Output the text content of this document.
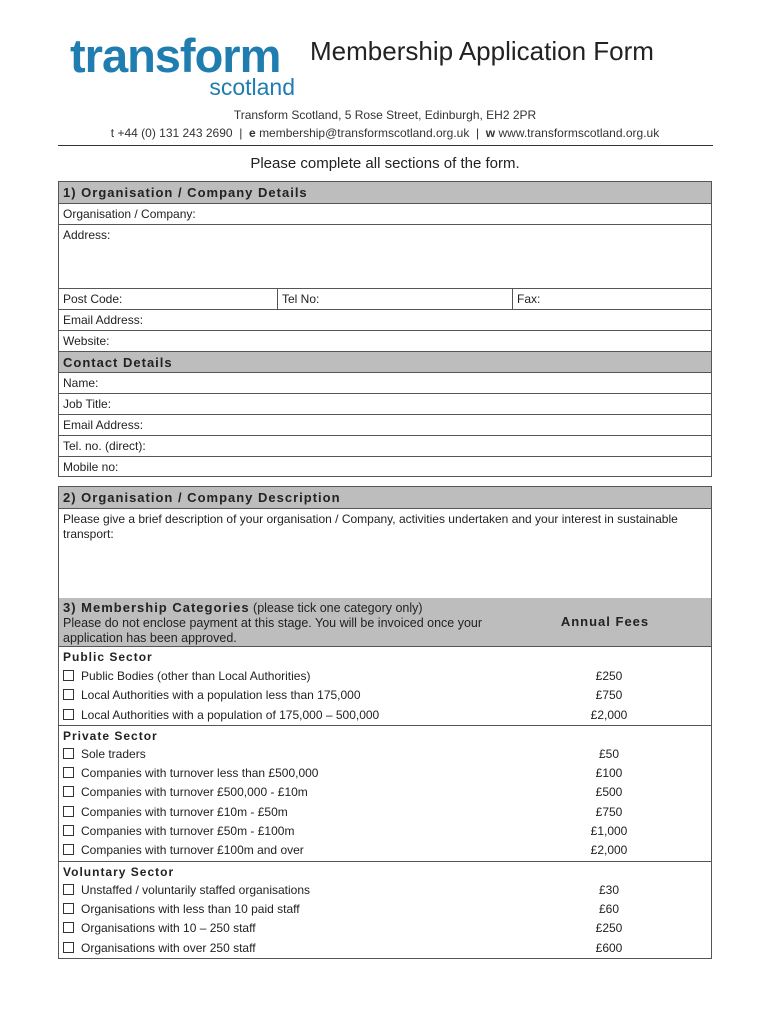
transform
scotland
Membership Application Form
Transform Scotland, 5 Rose Street, Edinburgh, EH2 2PR
t +44 (0) 131 243 2690 | e membership@transformscotland.org.uk | w www.transformscotland.org.uk
Please complete all sections of the form.
1) Organisation / Company Details
Organisation / Company:
Address:
Post Code:	Tel No:	Fax:
Email Address:
Website:
Contact Details
Name:
Job Title:
Email Address:
Tel. no. (direct):
Mobile no:
2) Organisation / Company Description
Please give a brief description of your organisation / Company, activities undertaken and your interest in sustainable transport:
3) Membership Categories (please tick one category only)
Please do not enclose payment at this stage. You will be invoiced once your application has been approved.
Annual Fees
Public Sector
Public Bodies (other than Local Authorities)	£250
Local Authorities with a population less than 175,000	£750
Local Authorities with a population of 175,000 – 500,000	£2,000
Private Sector
Sole traders	£50
Companies with turnover less than £500,000	£100
Companies with turnover £500,000 - £10m	£500
Companies with turnover £10m - £50m	£750
Companies with turnover £50m - £100m	£1,000
Companies with turnover £100m and over	£2,000
Voluntary Sector
Unstaffed / voluntarily staffed organisations	£30
Organisations with less than 10 paid staff	£60
Organisations with 10 – 250 staff	£250
Organisations with over 250 staff	£600
